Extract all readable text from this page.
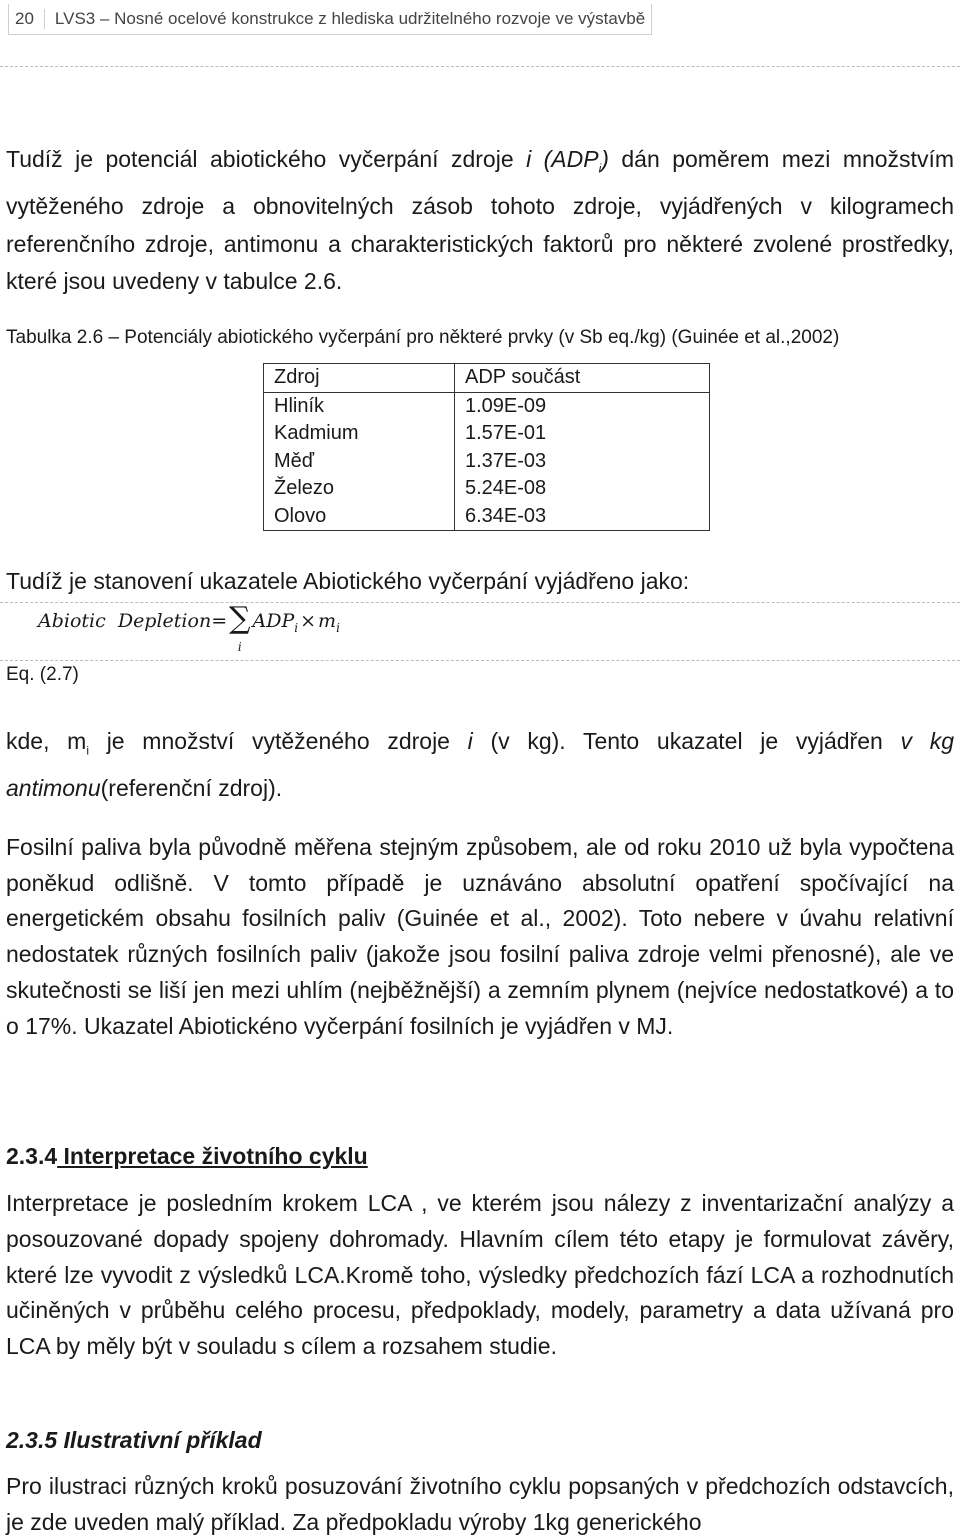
20	LVS3 – Nosné ocelové konstrukce z hlediska udržitelného rozvoje ve výstavbě

Tudíž je potenciál abiotického vyčerpání zdroje i $(ADP_i)$ dán poměrem mezi množstvím vytěženého zdroje a obnovitelných zásob tohoto zdroje, vyjádřených v kilogramech referenčního zdroje, antimonu a charakteristických faktorů pro některé zvolené prostředky, které jsou uvedeny v tabulce 2.6.

Tabulka 2.6 – Potenciály abiotického vyčerpání pro některé prvky (v Sb eq./kg) (Guinée et al.,2002)
Zdroj	ADP součást
Hliník	1.09E-09
Kadmium	1.57E-01
Měď	1.37E-03
Železo	5.24E-08
Olovo	6.34E-03

Tudíž je stanovení ukazatele Abiotického vyčerpání vyjádřeno jako:

Abiotic  Depletion = ∑
i
$ADP_i \times m_i$
Eq. (2.7)

kde, $m_i$ je množství vytěženého zdroje i (v kg). Tento ukazatel je vyjádřen v kg antimonu(referenční zdroj).

Fosilní paliva byla původně měřena stejným způsobem, ale od roku 2010 už byla vypočtena poněkud odlišně. V tomto případě je uznáváno absolutní opatření spočívající na energetickém obsahu fosilních paliv (Guinée et al., 2002). Toto nebere v úvahu relativní nedostatek různých fosilních paliv (jakože jsou fosilní paliva zdroje velmi přenosné), ale ve skutečnosti se liší jen mezi uhlím (nejběžnější) a zemním plynem (nejvíce nedostatkové) a to o 17%. Ukazatel Abiotickéno vyčerpání fosilních je vyjádřen v MJ.

2.3.4 Interpretace životního cyklu

Interpretace je posledním krokem LCA , ve kterém jsou nálezy z inventarizační analýzy a posouzované dopady spojeny dohromady. Hlavním cílem této etapy je formulovat závěry, které lze vyvodit z výsledků LCA.Kromě toho, výsledky předchozích fází LCA a rozhodnutích učiněných v průběhu celého procesu, předpoklady, modely, parametry a data užívaná pro LCA by měly být v souladu s cílem a rozsahem studie.

2.3.5 Ilustrativní příklad

Pro ilustraci různých kroků posuzování životního cyklu popsaných v předchozích odstavcích, je zde uveden malý příklad. Za předpokladu výroby 1kg generického
